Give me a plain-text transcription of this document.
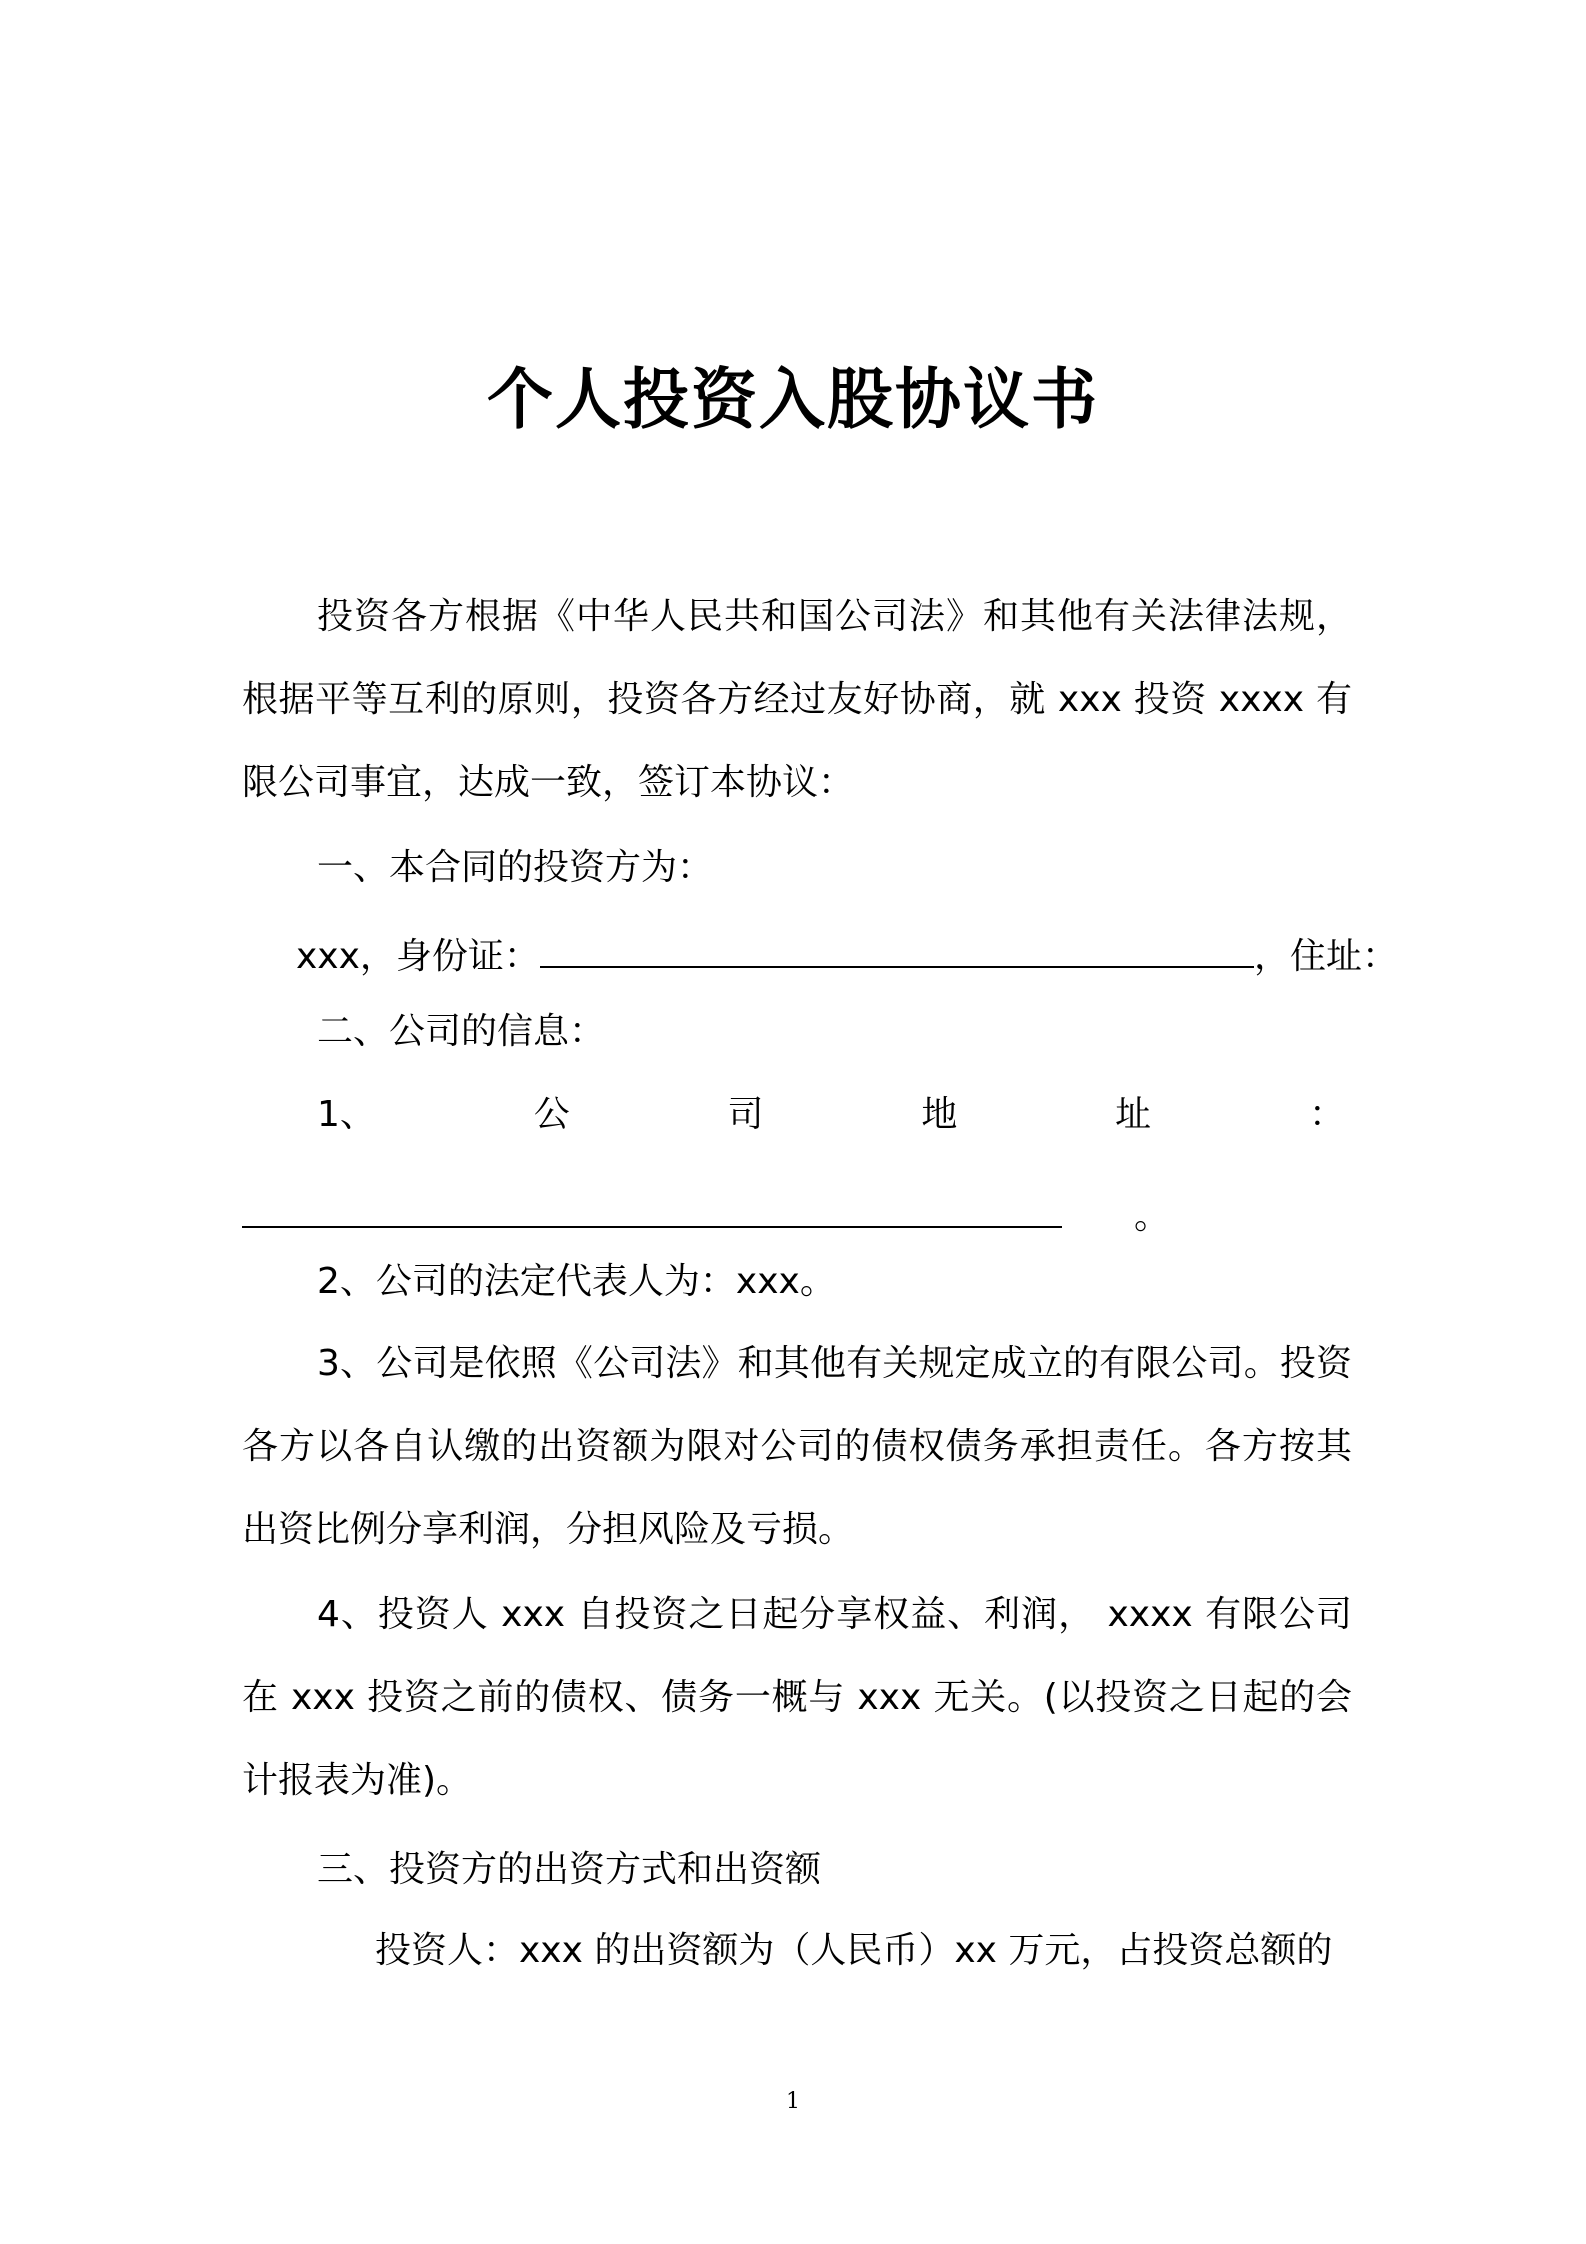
个人投资入股协议书

投资各方根据《中华人民共和国公司法》和其他有关法律法规，根据平等互利的原则，投资各方经过友好协商，就 xxx 投资 xxxx 有限公司事宜，达成一致，签订本协议：

一、本合同的投资方为：

xxx，身份证：	，住址：

二、公司的信息：

1、	公	司	地	址	：

。

2、公司的法定代表人为：xxx。

3、公司是依照《公司法》和其他有关规定成立的有限公司。投资各方以各自认缴的出资额为限对公司的债权债务承担责任。各方按其出资比例分享利润，分担风险及亏损。

4、投资人 xxx 自投资之日起分享权益、利润， xxxx 有限公司在 xxx 投资之前的债权、债务一概与 xxx 无关。(以投资之日起的会计报表为准)。

三、投资方的出资方式和出资额

投资人：xxx 的出资额为（人民币）xx 万元，占投资总额的

1
